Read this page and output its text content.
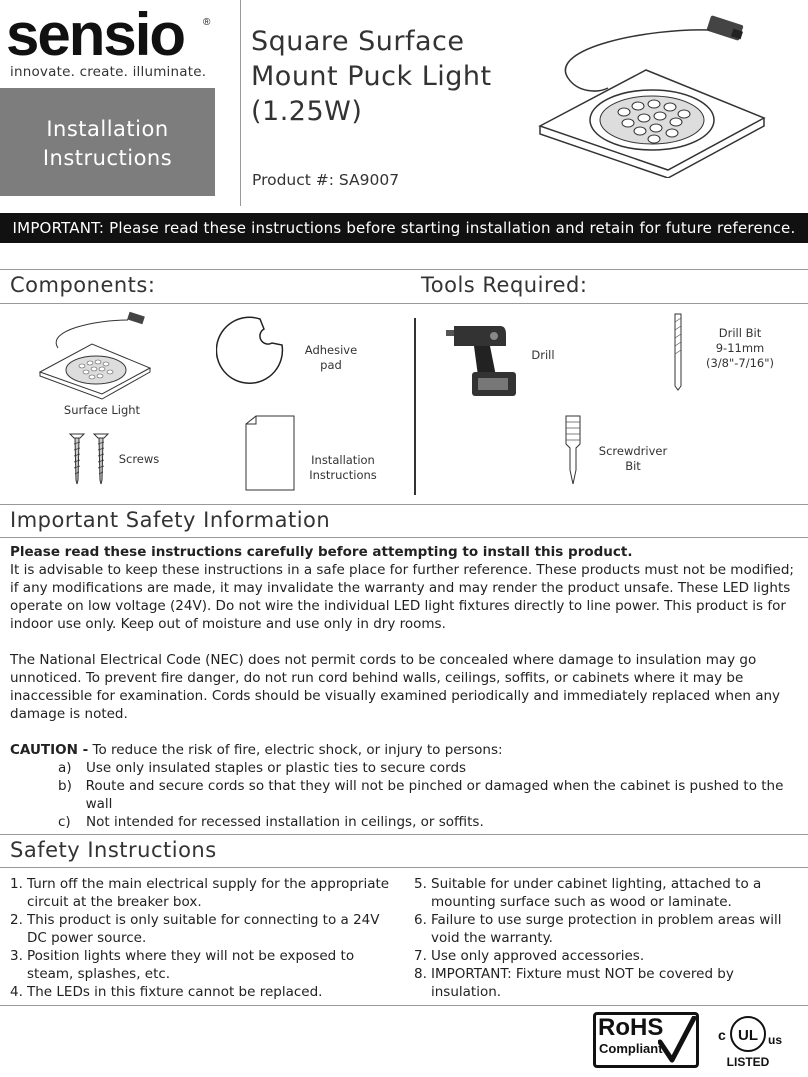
sensio ®
innovate. create. illuminate.
Installation Instructions
Square Surface Mount Puck Light (1.25W)
Product #: SA9007
IMPORTANT: Please read these instructions before starting installation and retain for future reference.
Components:	Tools Required:
Surface Light
Adhesive pad
Screws	Installation Instructions
Drill
Drill Bit
9-11mm
(3/8"-7/16")
Screwdriver Bit
Important Safety Information
Please read these instructions carefully before attempting to install this product.
It is advisable to keep these instructions in a safe place for further reference. These products must not be modified; if any modifications are made, it may invalidate the warranty and may render the product unsafe. These LED lights operate on low voltage (24V). Do not wire the individual LED light fixtures directly to line power. This product is for indoor use only. Keep out of moisture and use only in dry rooms.
The National Electrical Code (NEC) does not permit cords to be concealed where damage to insulation may go unnoticed. To prevent fire danger, do not run cord behind walls, ceilings, soffits, or cabinets where it may be inaccessible for examination. Cords should be visually examined periodically and immediately replaced when any damage is noted.
CAUTION - To reduce the risk of fire, electric shock, or injury to persons:
a)	Use only insulated staples or plastic ties to secure cords
b)	Route and secure cords so that they will not be pinched or damaged when the cabinet is pushed to the wall
c)	Not intended for recessed installation in ceilings, or soffits.
Safety Instructions
1. Turn off the main electrical supply for the appropriate circuit at the breaker box.
2. This product is only suitable for connecting to a 24V DC power source.
3. Position lights where they will not be exposed to steam, splashes, etc.
4. The LEDs in this fixture cannot be replaced.
5. Suitable for under cabinet lighting, attached to a mounting surface such as wood or laminate.
6. Failure to use surge protection in problem areas will void the warranty.
7. Use only approved accessories.
8. IMPORTANT: Fixture must NOT be covered by insulation.
RoHS
Compliant
c UL us
LISTED
